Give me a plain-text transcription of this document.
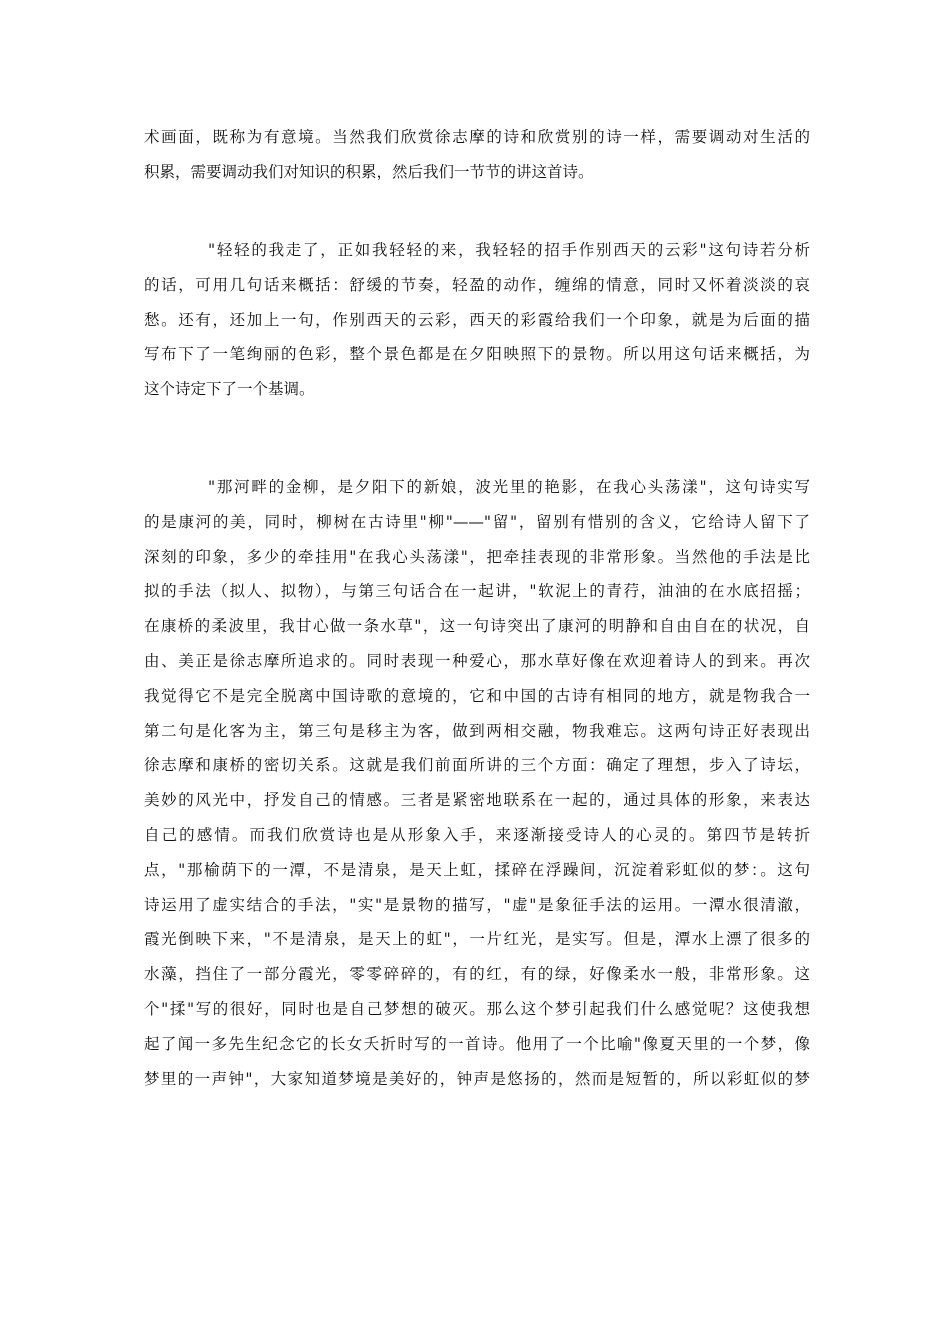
术画面，既称为有意境。当然我们欣赏徐志摩的诗和欣赏别的诗一样，需要调动对生活的
积累，需要调动我们对知识的积累，然后我们一节节的讲这首诗。
"轻轻的我走了，正如我轻轻的来，我轻轻的招手作别西天的云彩"这句诗若分析
的话，可用几句话来概括：舒缓的节奏，轻盈的动作，缠绵的情意，同时又怀着淡淡的哀
愁。还有，还加上一句，作别西天的云彩，西天的彩霞给我们一个印象，就是为后面的描
写布下了一笔绚丽的色彩，整个景色都是在夕阳映照下的景物。所以用这句话来概括，为
这个诗定下了一个基调。
"那河畔的金柳，是夕阳下的新娘，波光里的艳影，在我心头荡漾"，这句诗实写
的是康河的美，同时，柳树在古诗里"柳"——"留"，留别有惜别的含义，它给诗人留下了
深刻的印象，多少的牵挂用"在我心头荡漾"，把牵挂表现的非常形象。当然他的手法是比
拟的手法（拟人、拟物），与第三句话合在一起讲，"软泥上的青荇，油油的在水底招摇；
在康桥的柔波里，我甘心做一条水草"，这一句诗突出了康河的明静和自由自在的状况，自
由、美正是徐志摩所追求的。同时表现一种爱心，那水草好像在欢迎着诗人的到来。再次
我觉得它不是完全脱离中国诗歌的意境的，它和中国的古诗有相同的地方，就是物我合一
第二句是化客为主，第三句是移主为客，做到两相交融，物我难忘。这两句诗正好表现出
徐志摩和康桥的密切关系。这就是我们前面所讲的三个方面：确定了理想，步入了诗坛，
美妙的风光中，抒发自己的情感。三者是紧密地联系在一起的，通过具体的形象，来表达
自己的感情。而我们欣赏诗也是从形象入手，来逐渐接受诗人的心灵的。第四节是转折
点，"那榆荫下的一潭，不是清泉，是天上虹，揉碎在浮躁间，沉淀着彩虹似的梦：。这句
诗运用了虚实结合的手法，"实"是景物的描写，"虚"是象征手法的运用。一潭水很清澈，
霞光倒映下来，"不是清泉，是天上的虹"，一片红光，是实写。但是，潭水上漂了很多的
水藻，挡住了一部分霞光，零零碎碎的，有的红，有的绿，好像柔水一般，非常形象。这
个"揉"写的很好，同时也是自己梦想的破灭。那么这个梦引起我们什么感觉呢？这使我想
起了闻一多先生纪念它的长女夭折时写的一首诗。他用了一个比喻"像夏天里的一个梦，像
梦里的一声钟"，大家知道梦境是美好的，钟声是悠扬的，然而是短暂的，所以彩虹似的梦
